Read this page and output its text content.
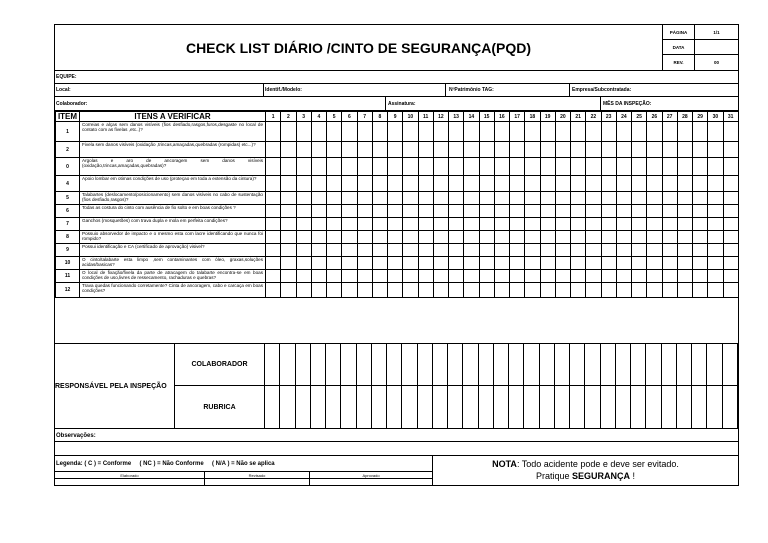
CHECK LIST DIÁRIO /CINTO DE SEGURANÇA(PQD)
PÁGINA	1/1
DATA
REV.	00
EQUIPE:
Local:	Identif./Modelo:	NºPatrimônio TAG:	Empresa/Subcontratada:
Colaborador:	Assinatura:	MÊS DA INSPEÇÃO:
ITEM	ITENS A VERIFICAR	1	2	3	4	5	6	7	8	9	10	11	12	13	14	15	16	17	18	19	20	21	22	23	24	25	26	27	28	29	30	31
1	Correias e alças sem danos visíveis (fios desfiado,rasgos,furos,desgaste no local de contato com as fivelas ,etc..)?																															
2	Fivela sem danos visíveis (oxidação ,trincas,amaçadas,quebradas (rompidas) etc...)?																															
0	Argolas e aro de ancoragem sem danos visíveis (oxidação,trincas,amaçadas,quebradas)?																															
4	Apoio lombar em otimas condições de uso (proteçao em toda a extensão da cintura)?																															
5	Talabartes (deslocamento/posicionamento) sem danos visíveis no cabo de sustentação (fios desfiado,rasgos)?																															
6	Todas as costura do cinto com ausência de fio solto e em boas condições ?																															
7	Ganchos (mosquetões) com trava dupla e mola em perfeita condições?																															
8	Possuio absorvedor de impacto e o mesmo esta com lacre identificando que nunca foi rompido?																															
9	Possui identificação e CA (certificado de aprovação) visivel?																															
10	O cinto/talabarte esta limpo ,sem contaminantes com óleo, graxas,soluções acidas/basicas?																															
11	O local de fixação/fivela da parte de atracagem do talabarte encontra-se em boas condições de uso,livres de ressecamento, rachaduras e quebras?																															
12	Trava quedas funcionando corretamente? Cinta de ancoragem, cabo e carcaça em boas condições?																															
RESPONSÁVEL PELA INSPEÇÃO
COLABORADOR
RUBRICA
Observações:
Legenda: ( C ) = Conforme     ( NC ) = Não Conforme     ( N/A ) = Não se aplica
Elaborado	Revisado	Aprovado
NOTA: Todo acidente pode e deve ser evitado.
Pratique SEGURANÇA !
